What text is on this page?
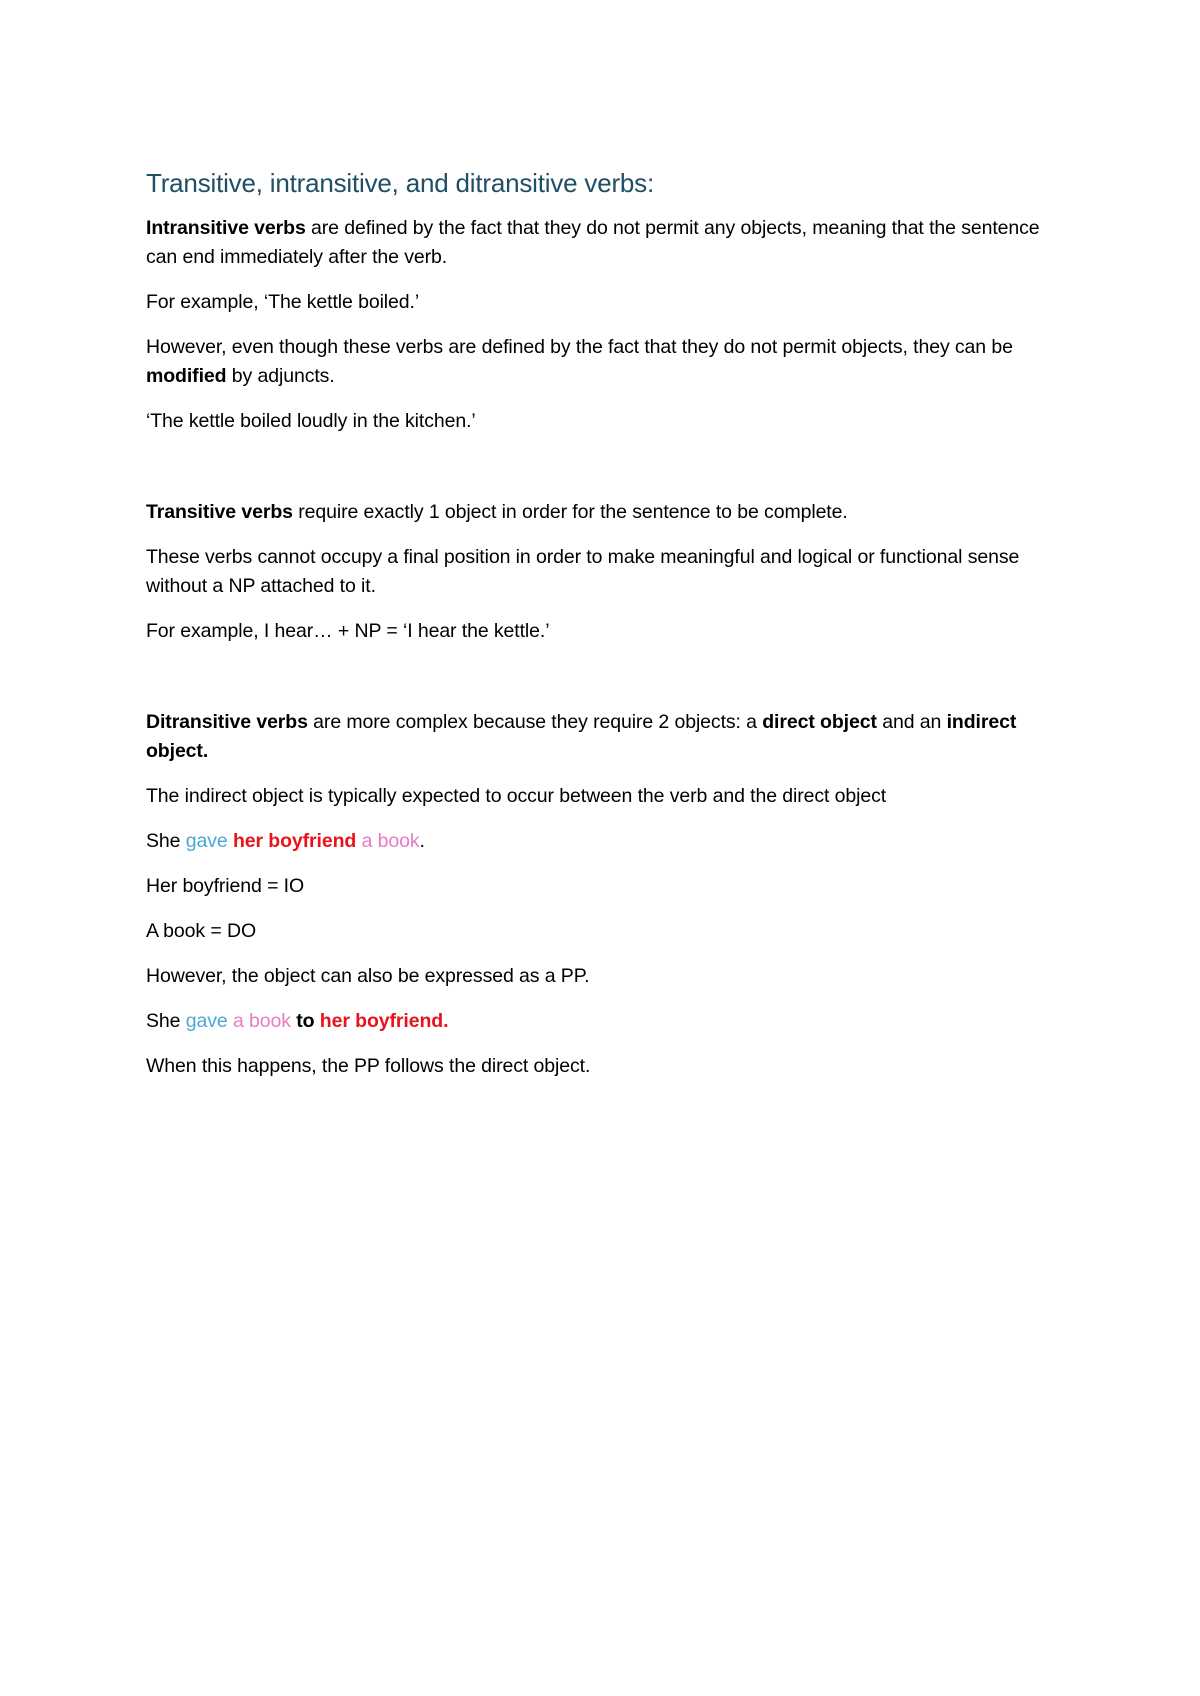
Transitive, intransitive, and ditransitive verbs:

Intransitive verbs are defined by the fact that they do not permit any objects, meaning that the sentence can end immediately after the verb.

For example, ‘The kettle boiled.’

However, even though these verbs are defined by the fact that they do not permit objects, they can be modified by adjuncts.

‘The kettle boiled loudly in the kitchen.’

Transitive verbs require exactly 1 object in order for the sentence to be complete.

These verbs cannot occupy a final position in order to make meaningful and logical or functional sense without a NP attached to it.

For example, I hear… + NP = ‘I hear the kettle.’

Ditransitive verbs are more complex because they require 2 objects: a direct object and an indirect object.

The indirect object is typically expected to occur between the verb and the direct object

She gave her boyfriend a book.

Her boyfriend = IO

A book = DO

However, the object can also be expressed as a PP.

She gave a book to her boyfriend.

When this happens, the PP follows the direct object.
